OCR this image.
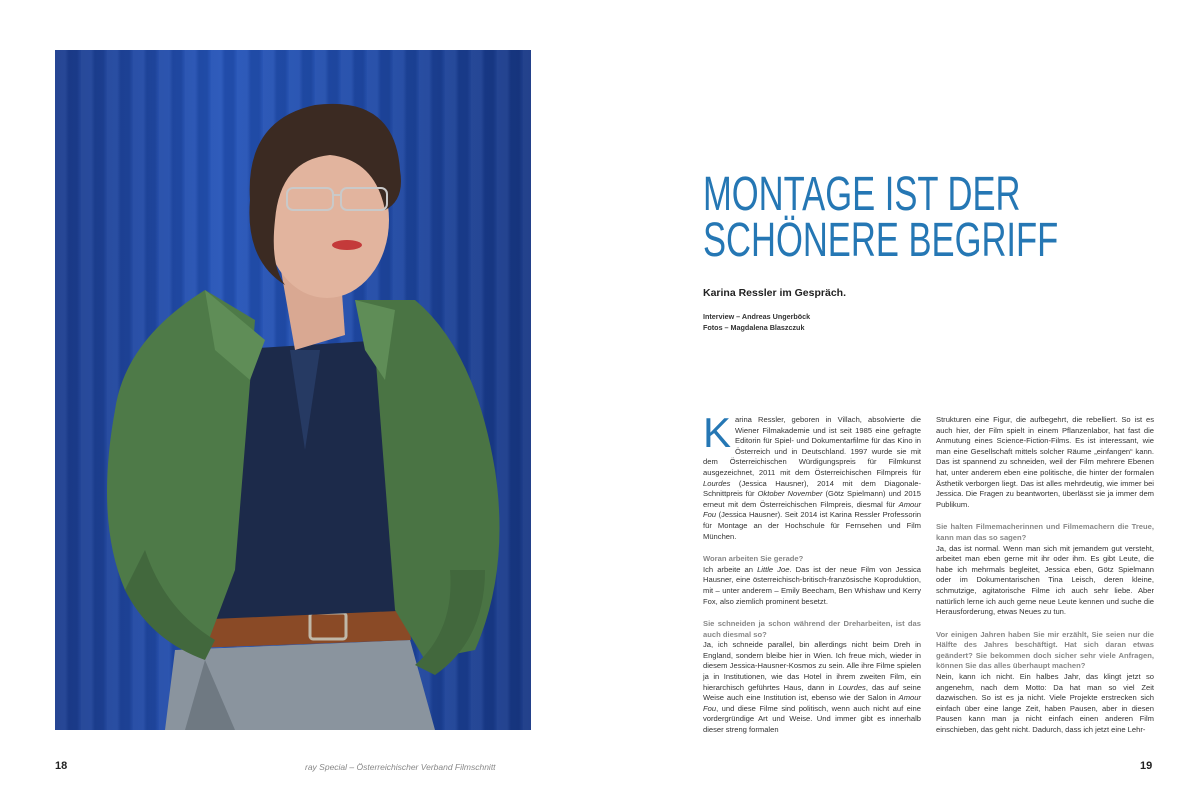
MONTAGE IST DER
SCHÖNERE BEGRIFF
Karina Ressler im Gespräch.
Interview – Andreas Ungerböck
Fotos – Magdalena Blaszczuk

Karina Ressler, geboren in Villach, absolvierte die Wiener Filmakademie und ist seit 1985 eine gefragte Editorin für Spiel- und Dokumentarfilme für das Kino in Österreich und in Deutschland. 1997 wurde sie mit dem Österreichischen Würdigungspreis für Filmkunst ausgezeichnet, 2011 mit dem Österreichischen Filmpreis für Lourdes (Jessica Hausner), 2014 mit dem Diagonale-Schnittpreis für Oktober November (Götz Spielmann) und 2015 erneut mit dem Österreichischen Filmpreis, diesmal für Amour Fou (Jessica Hausner). Seit 2014 ist Karina Ressler Professorin für Montage an der Hochschule für Fernsehen und Film München.

Woran arbeiten Sie gerade?

Ich arbeite an Little Joe. Das ist der neue Film von Jessica Hausner, eine österreichisch-britisch-französische Koproduktion, mit – unter anderem – Emily Beecham, Ben Whishaw und Kerry Fox, also ziemlich prominent besetzt.

Sie schneiden ja schon während der Dreharbeiten, ist das auch diesmal so?

Ja, ich schneide parallel, bin allerdings nicht beim Dreh in England, sondern bleibe hier in Wien. Ich freue mich, wieder in diesem Jessica-Hausner-Kosmos zu sein. Alle ihre Filme spielen ja in Institutionen, wie das Hotel in ihrem zweiten Film, ein hierarchisch geführtes Haus, dann in Lourdes, das auf seine Weise auch eine Institution ist, ebenso wie der Salon in Amour Fou, und diese Filme sind politisch, wenn auch nicht auf eine vordergründige Art und Weise. Und immer gibt es innerhalb dieser streng formalen

Strukturen eine Figur, die aufbegehrt, die rebelliert. So ist es auch hier, der Film spielt in einem Pflanzenlabor, hat fast die Anmutung eines Science-Fiction-Films. Es ist interessant, wie man eine Gesellschaft mittels solcher Räume „einfangen“ kann. Das ist spannend zu schneiden, weil der Film mehrere Ebenen hat, unter anderem eben eine politische, die hinter der formalen Ästhetik verborgen liegt. Das ist alles mehrdeutig, wie immer bei Jessica. Die Fragen zu beantworten, überlässt sie ja immer dem Publikum.

Sie halten Filmemacherinnen und Filmemachern die Treue, kann man das so sagen?

Ja, das ist normal. Wenn man sich mit jemandem gut versteht, arbeitet man eben gerne mit ihr oder ihm. Es gibt Leute, die habe ich mehrmals begleitet, Jessica eben, Götz Spielmann oder im Dokumentarischen Tina Leisch, deren kleine, schmutzige, agitatorische Filme ich auch sehr liebe. Aber natürlich lerne ich auch gerne neue Leute kennen und suche die Herausforderung, etwas Neues zu tun.

Vor einigen Jahren haben Sie mir erzählt, Sie seien nur die Hälfte des Jahres beschäftigt. Hat sich daran etwas geändert? Sie bekommen doch sicher sehr viele Anfragen, können Sie das alles überhaupt machen?

Nein, kann ich nicht. Ein halbes Jahr, das klingt jetzt so angenehm, nach dem Motto: Da hat man so viel Zeit dazwischen. So ist es ja nicht. Viele Projekte erstrecken sich einfach über eine lange Zeit, haben Pausen, aber in diesen Pausen kann man ja nicht einfach einen anderen Film einschieben, das geht nicht. Dadurch, dass ich jetzt eine Lehr-

18	ray Special – Österreichischer Verband Filmschnitt	19
